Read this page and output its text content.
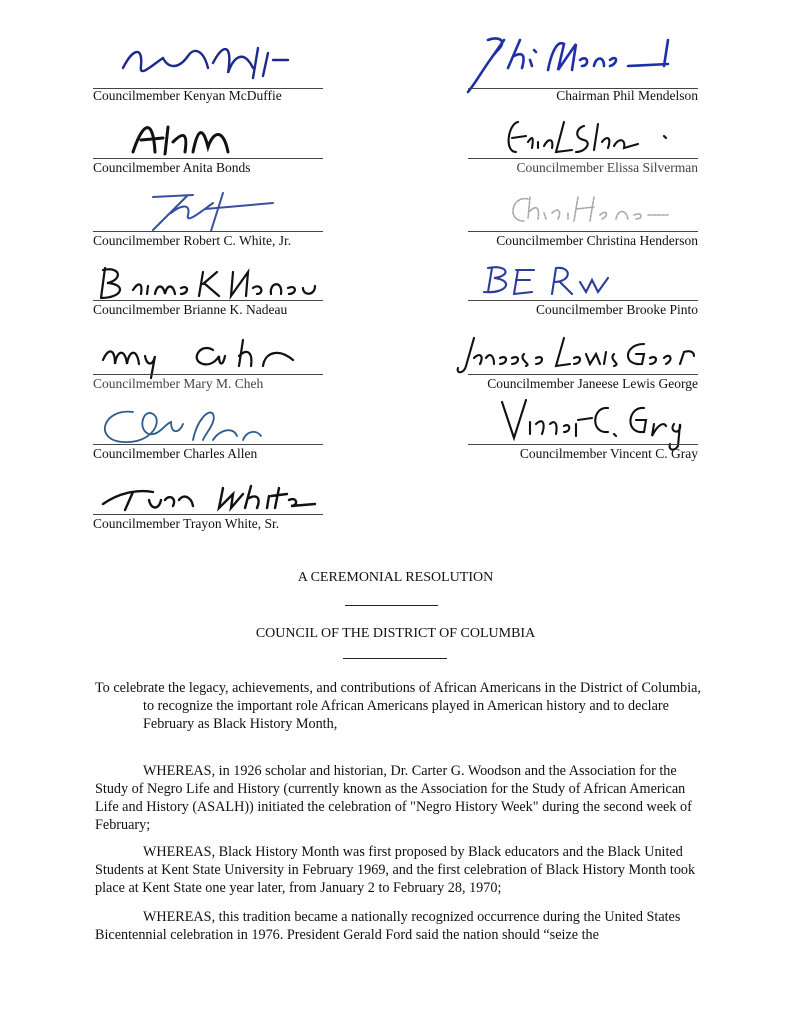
Councilmember Kenyan McDuffie
Councilmember Anita Bonds
Councilmember Robert C. White, Jr.
Councilmember Brianne K. Nadeau
Councilmember Mary M. Cheh
Councilmember Charles Allen
Councilmember Trayon White, Sr.
Chairman Phil Mendelson
Councilmember Elissa Silverman
Councilmember Christina Henderson
Councilmember Brooke Pinto
Councilmember Janeese Lewis George
Councilmember Vincent C. Gray
A CEREMONIAL RESOLUTION
COUNCIL OF THE DISTRICT OF COLUMBIA

To celebrate the legacy, achievements, and contributions of African Americans in the District of Columbia, to recognize the important role African Americans played in American history and to declare February as Black History Month,

WHEREAS, in 1926 scholar and historian, Dr. Carter G. Woodson and the Association for the Study of Negro Life and History (currently known as the Association for the Study of African American Life and History (ASALH)) initiated the celebration of "Negro History Week" during the second week of February;

WHEREAS, Black History Month was first proposed by Black educators and the Black United Students at Kent State University in February 1969, and the first celebration of Black History Month took place at Kent State one year later, from January 2 to February 28, 1970;

WHEREAS, this tradition became a nationally recognized occurrence during the United States Bicentennial celebration in 1976. President Gerald Ford said the nation should “seize the
